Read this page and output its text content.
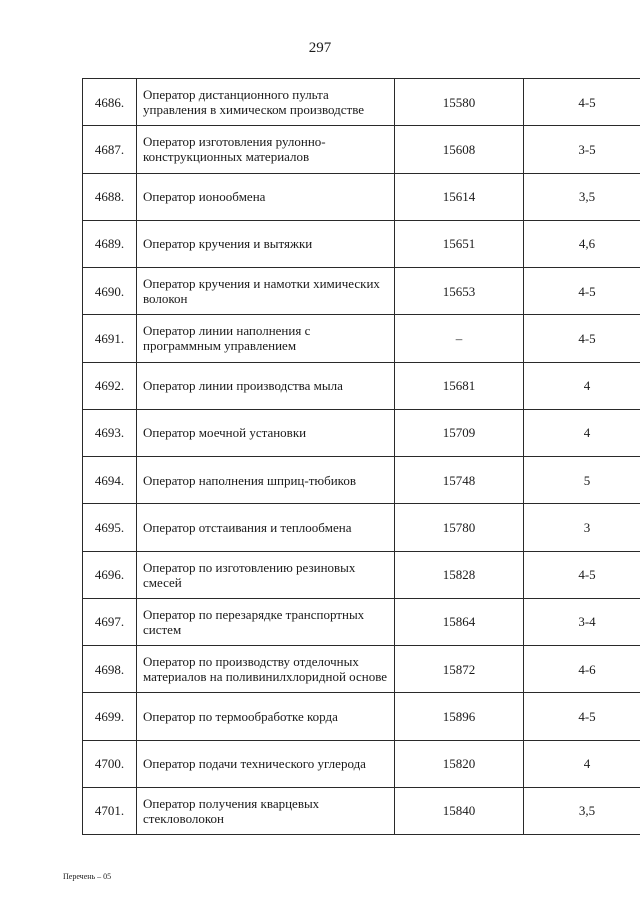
297
4686.	Оператор дистанционного пульта управления в химическом производстве	15580	4-5
4687.	Оператор изготовления рулонно-конструкционных материалов	15608	3-5
4688.	Оператор ионообмена	15614	3,5
4689.	Оператор кручения и вытяжки	15651	4,6
4690.	Оператор кручения и намотки химических волокон	15653	4-5
4691.	Оператор линии наполнения с программным управлением	–	4-5
4692.	Оператор линии производства мыла	15681	4
4693.	Оператор моечной установки	15709	4
4694.	Оператор наполнения шприц-тюбиков	15748	5
4695.	Оператор отстаивания и теплообмена	15780	3
4696.	Оператор по изготовлению резиновых смесей	15828	4-5
4697.	Оператор по перезарядке транспортных систем	15864	3-4
4698.	Оператор по производству отделочных материалов на поливинилхлоридной основе	15872	4-6
4699.	Оператор по термообработке корда	15896	4-5
4700.	Оператор подачи технического углерода	15820	4
4701.	Оператор получения кварцевых стекловолокон	15840	3,5
Перечень – 05
